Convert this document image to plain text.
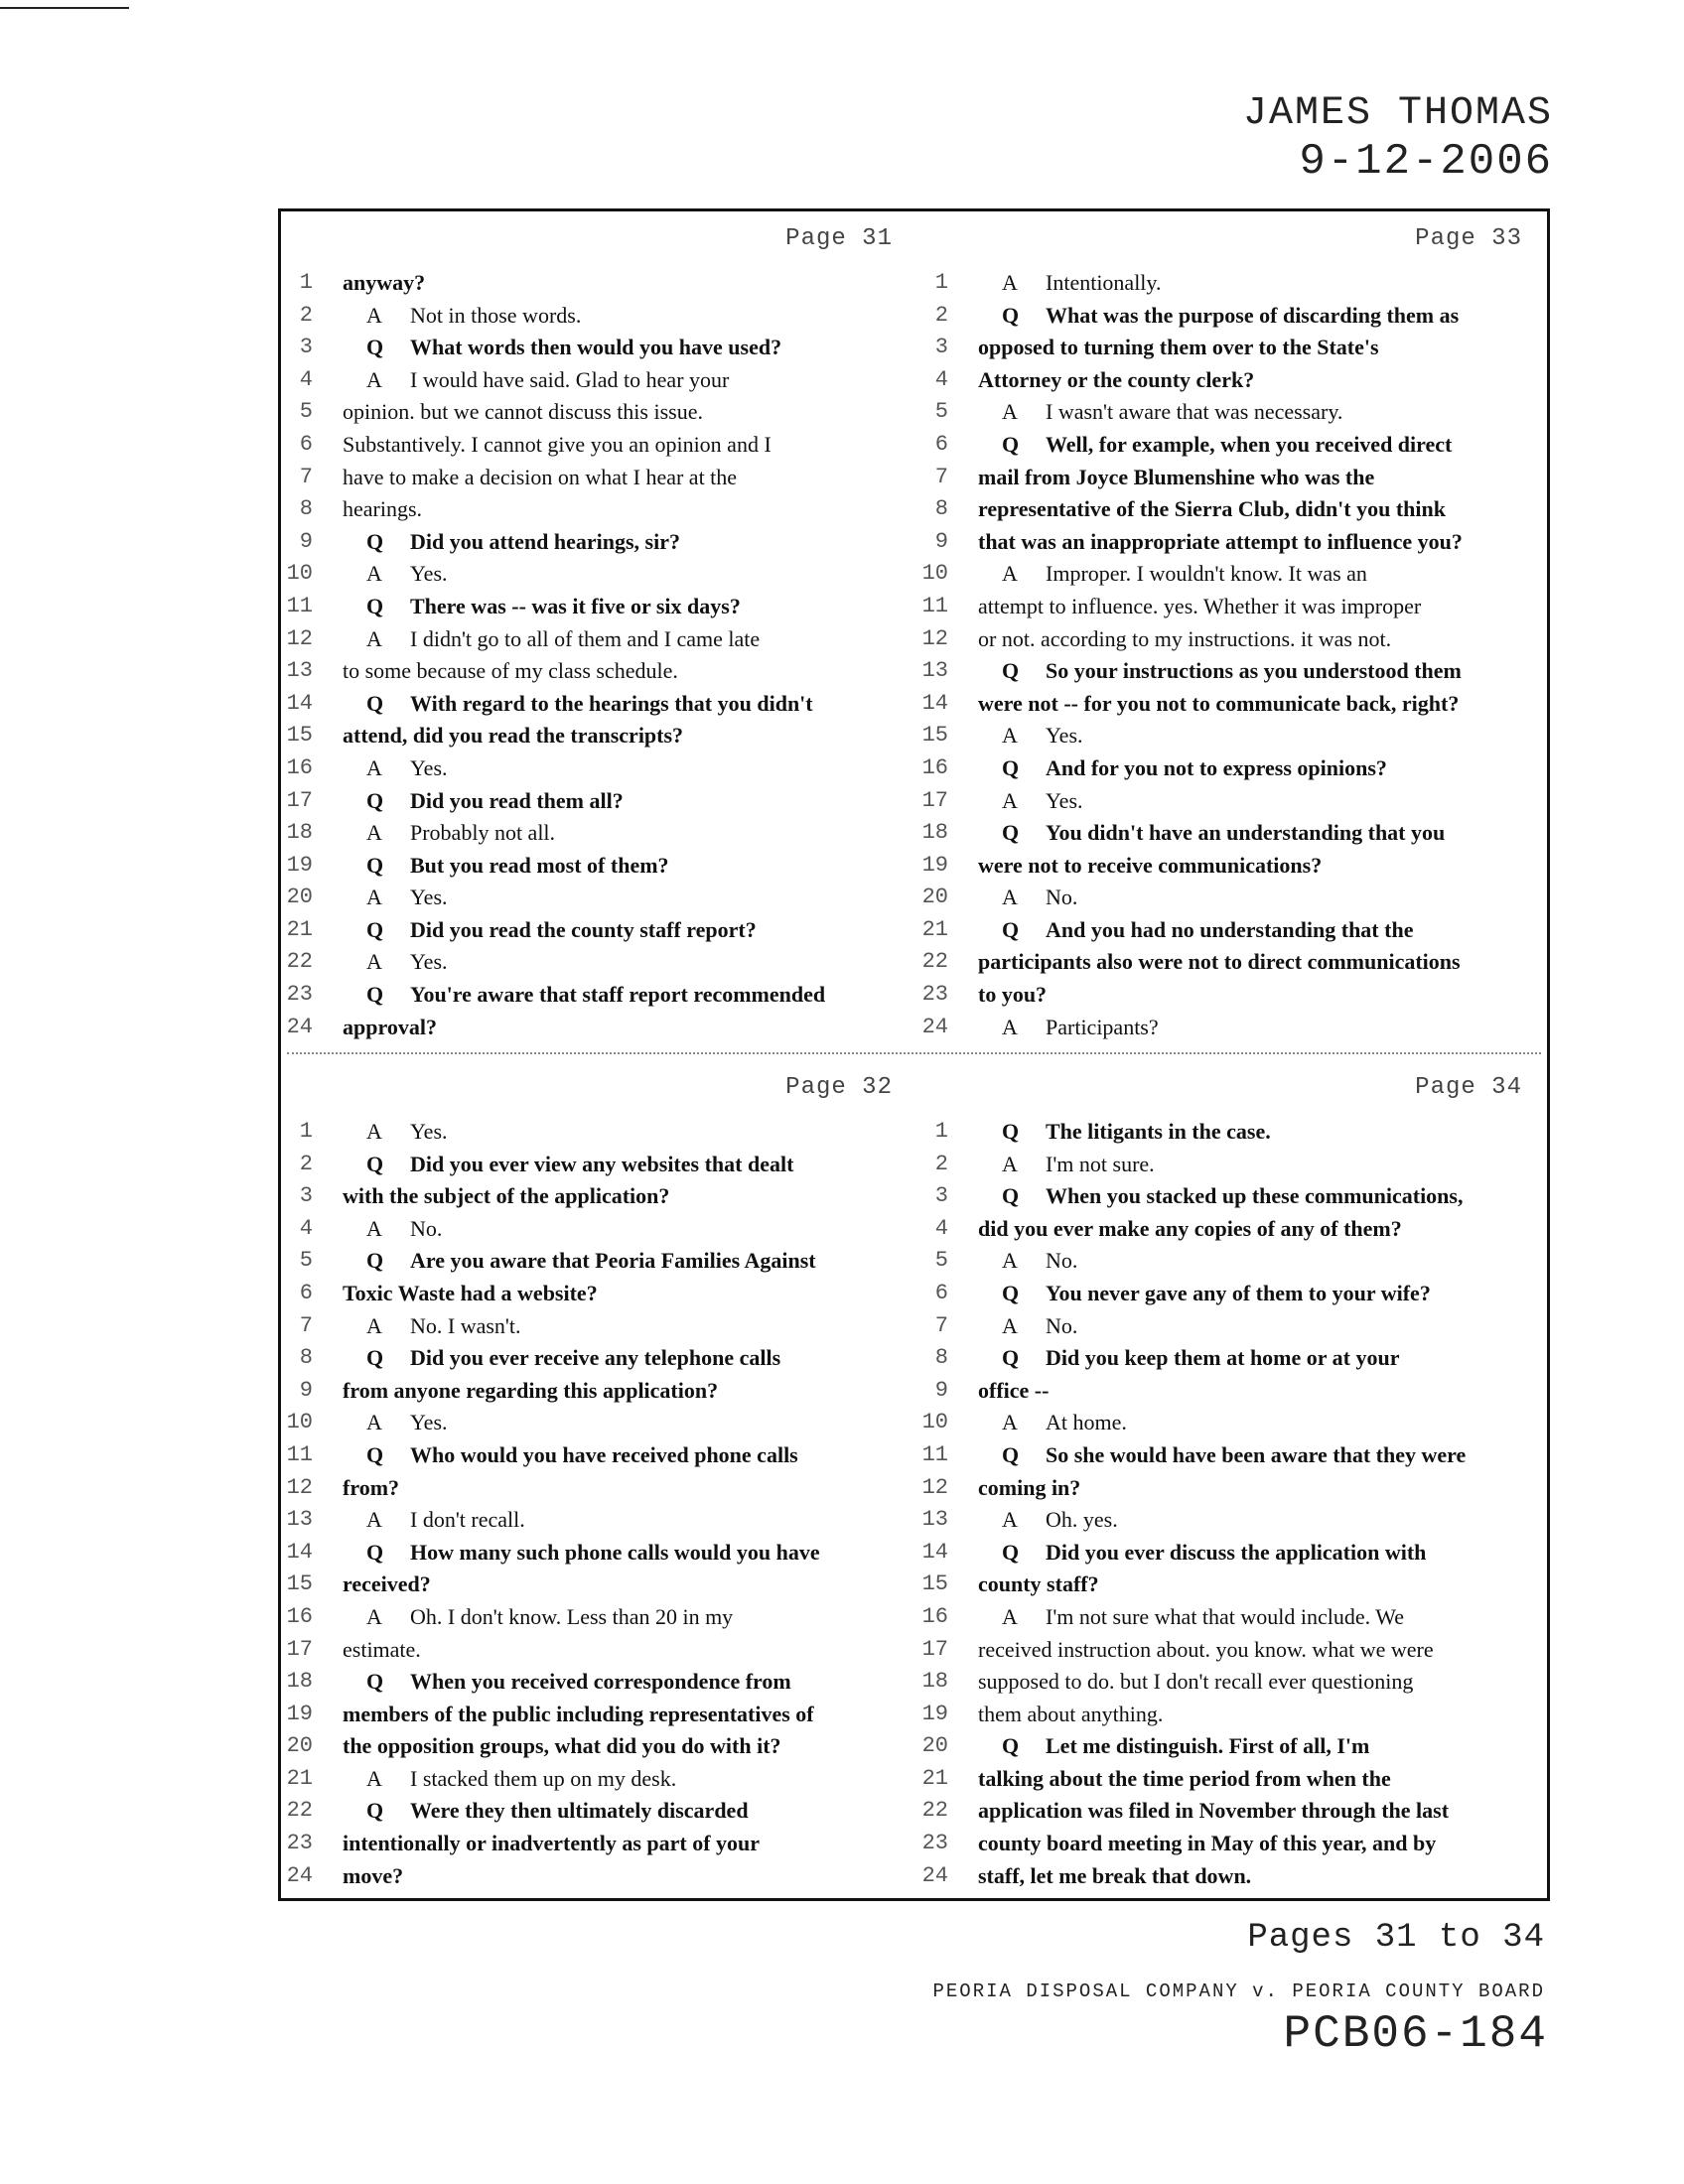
JAMES THOMAS
9-12-2006
Page 31
1 anyway?
2	A Not in those words.
3	Q What words then would you have used?
4	A I would have said. Glad to hear your
5 opinion. but we cannot discuss this issue.
6 Substantively. I cannot give you an opinion and I
7 have to make a decision on what I hear at the
8 hearings.
9	Q Did you attend hearings, sir?
10	A Yes.
11	Q There was -- was it five or six days?
12	A I didn't go to all of them and I came late
13 to some because of my class schedule.
14	Q With regard to the hearings that you didn't
15 attend, did you read the transcripts?
16	A Yes.
17	Q Did you read them all?
18	A Probably not all.
19	Q But you read most of them?
20	A Yes.
21	Q Did you read the county staff report?
22	A Yes.
23	Q You're aware that staff report recommended
24 approval?
Page 33
1	A Intentionally.
2	Q What was the purpose of discarding them as
3 opposed to turning them over to the State's
4 Attorney or the county clerk?
5	A I wasn't aware that was necessary.
6	Q Well, for example, when you received direct
7 mail from Joyce Blumenshine who was the
8 representative of the Sierra Club, didn't you think
9 that was an inappropriate attempt to influence you?
10	A Improper. I wouldn't know. It was an
11 attempt to influence. yes. Whether it was improper
12 or not. according to my instructions. it was not.
13	Q So your instructions as you understood them
14 were not -- for you not to communicate back, right?
15	A Yes.
16	Q And for you not to express opinions?
17	A Yes.
18	Q You didn't have an understanding that you
19 were not to receive communications?
20	A No.
21	Q And you had no understanding that the
22 participants also were not to direct communications
23 to you?
24	A Participants?
Page 32
1	A Yes.
2	Q Did you ever view any websites that dealt
3 with the subject of the application?
4	A No.
5	Q Are you aware that Peoria Families Against
6 Toxic Waste had a website?
7	A No. I wasn't.
8	Q Did you ever receive any telephone calls
9 from anyone regarding this application?
10	A Yes.
11	Q Who would you have received phone calls
12 from?
13	A I don't recall.
14	Q How many such phone calls would you have
15 received?
16	A Oh. I don't know. Less than 20 in my
17 estimate.
18	Q When you received correspondence from
19 members of the public including representatives of
20 the opposition groups, what did you do with it?
21	A I stacked them up on my desk.
22	Q Were they then ultimately discarded
23 intentionally or inadvertently as part of your
24 move?
Page 34
1	Q The litigants in the case.
2	A I'm not sure.
3	Q When you stacked up these communications,
4 did you ever make any copies of any of them?
5	A No.
6	Q You never gave any of them to your wife?
7	A No.
8	Q Did you keep them at home or at your
9 office --
10	A At home.
11	Q So she would have been aware that they were
12 coming in?
13	A Oh. yes.
14	Q Did you ever discuss the application with
15 county staff?
16	A I'm not sure what that would include. We
17 received instruction about. you know. what we were
18 supposed to do. but I don't recall ever questioning
19 them about anything.
20	Q Let me distinguish. First of all, I'm
21 talking about the time period from when the
22 application was filed in November through the last
23 county board meeting in May of this year, and by
24 staff, let me break that down.
Pages 31 to 34
PEORIA DISPOSAL COMPANY v. PEORIA COUNTY BOARD
PCB06-184
